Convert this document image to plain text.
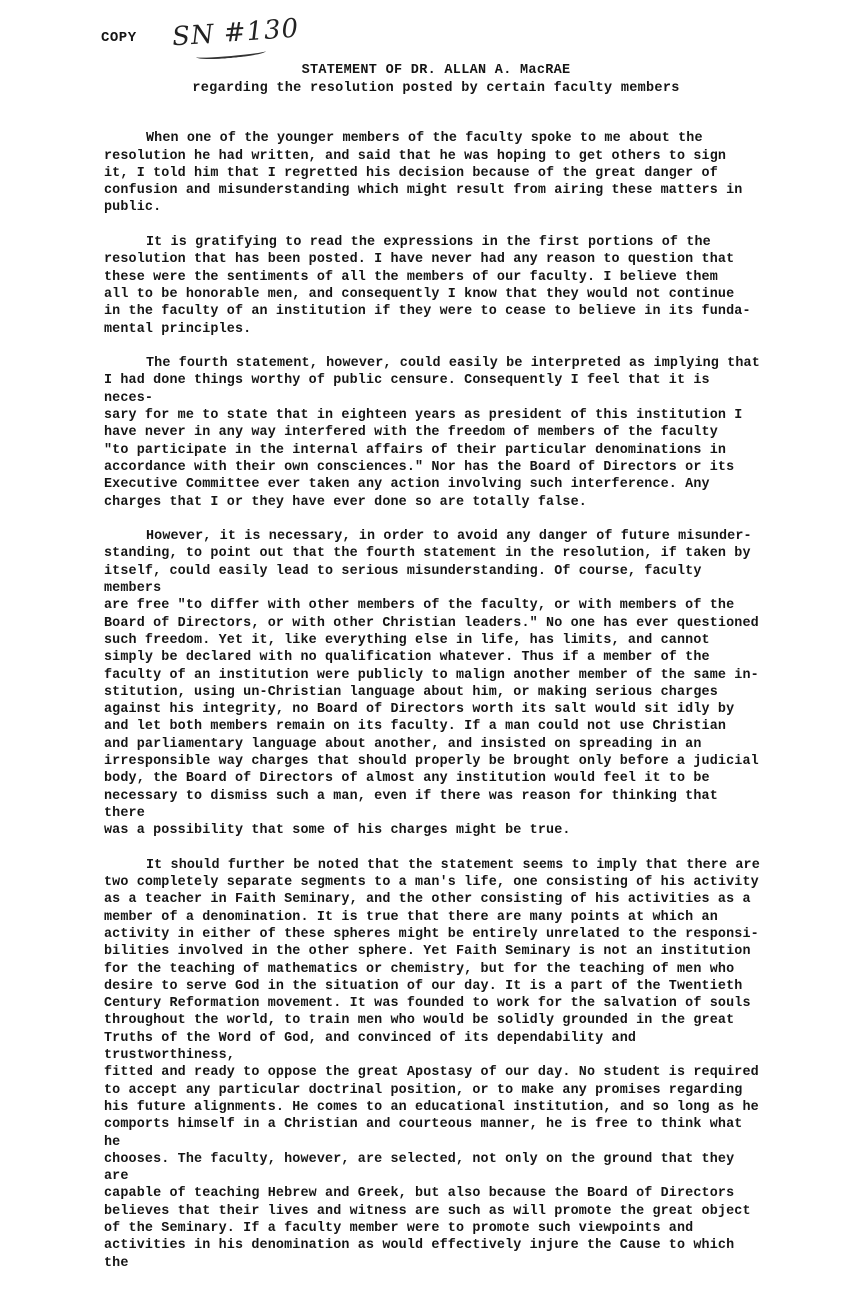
COPY SN #130
STATEMENT OF DR. ALLAN A. MacRAE
regarding the resolution posted by certain faculty members

When one of the younger members of the faculty spoke to me about the
resolution he had written, and said that he was hoping to get others to sign
it, I told him that I regretted his decision because of the great danger of
confusion and misunderstanding which might result from airing these matters in
public.

It is gratifying to read the expressions in the first portions of the
resolution that has been posted. I have never had any reason to question that
these were the sentiments of all the members of our faculty. I believe them
all to be honorable men, and consequently I know that they would not continue
in the faculty of an institution if they were to cease to believe in its funda-
mental principles.

The fourth statement, however, could easily be interpreted as implying that
I had done things worthy of public censure. Consequently I feel that it is neces-
sary for me to state that in eighteen years as president of this institution I
have never in any way interfered with the freedom of members of the faculty
"to participate in the internal affairs of their particular denominations in
accordance with their own consciences." Nor has the Board of Directors or its
Executive Committee ever taken any action involving such interference. Any
charges that I or they have ever done so are totally false.

However, it is necessary, in order to avoid any danger of future misunder-
standing, to point out that the fourth statement in the resolution, if taken by
itself, could easily lead to serious misunderstanding. Of course, faculty members
are free "to differ with other members of the faculty, or with members of the
Board of Directors, or with other Christian leaders." No one has ever questioned
such freedom. Yet it, like everything else in life, has limits, and cannot
simply be declared with no qualification whatever. Thus if a member of the
faculty of an institution were publicly to malign another member of the same in-
stitution, using un-Christian language about him, or making serious charges
against his integrity, no Board of Directors worth its salt would sit idly by
and let both members remain on its faculty. If a man could not use Christian
and parliamentary language about another, and insisted on spreading in an
irresponsible way charges that should properly be brought only before a judicial
body, the Board of Directors of almost any institution would feel it to be
necessary to dismiss such a man, even if there was reason for thinking that there
was a possibility that some of his charges might be true.

It should further be noted that the statement seems to imply that there are
two completely separate segments to a man's life, one consisting of his activity
as a teacher in Faith Seminary, and the other consisting of his activities as a
member of a denomination. It is true that there are many points at which an
activity in either of these spheres might be entirely unrelated to the responsi-
bilities involved in the other sphere. Yet Faith Seminary is not an institution
for the teaching of mathematics or chemistry, but for the teaching of men who
desire to serve God in the situation of our day. It is a part of the Twentieth
Century Reformation movement. It was founded to work for the salvation of souls
throughout the world, to train men who would be solidly grounded in the great
Truths of the Word of God, and convinced of its dependability and trustworthiness,
fitted and ready to oppose the great Apostasy of our day. No student is required
to accept any particular doctrinal position, or to make any promises regarding
his future alignments. He comes to an educational institution, and so long as he
comports himself in a Christian and courteous manner, he is free to think what he
chooses. The faculty, however, are selected, not only on the ground that they are
capable of teaching Hebrew and Greek, but also because the Board of Directors
believes that their lives and witness are such as will promote the great object
of the Seminary. If a faculty member were to promote such viewpoints and
activities in his denomination as would effectively injure the Cause to which the
